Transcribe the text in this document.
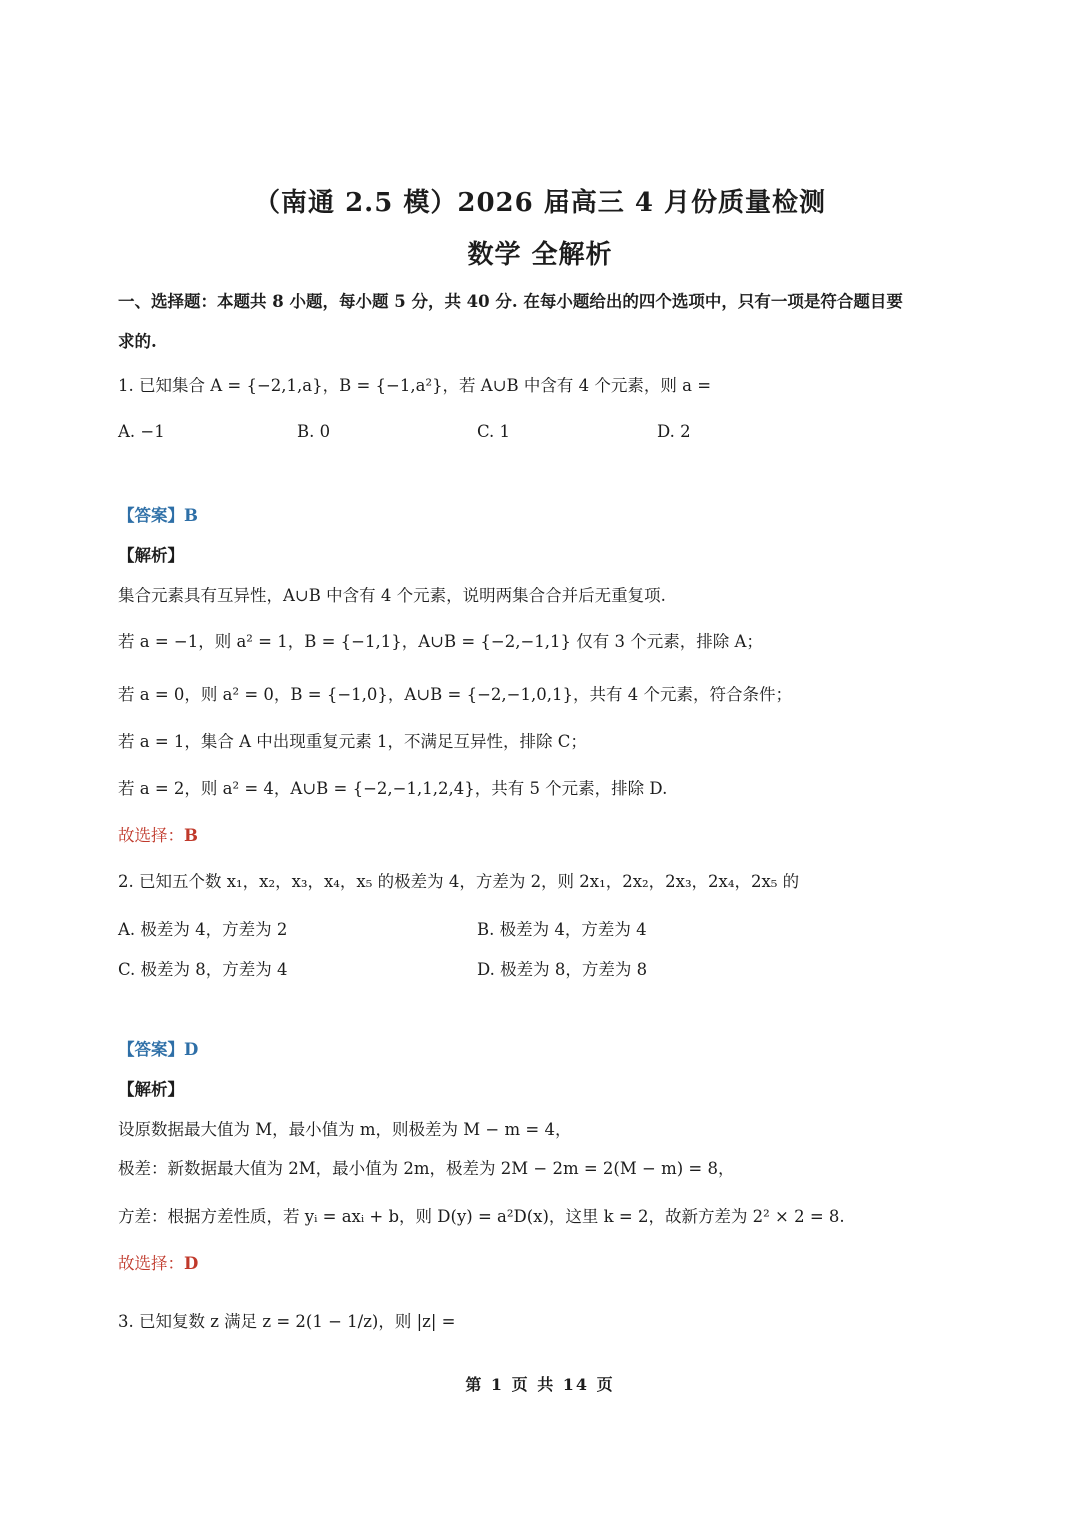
（南通 2.5 模）2026 届高三 4 月份质量检测
数学 全解析
一、选择题：本题共 8 小题，每小题 5 分，共 40 分. 在每小题给出的四个选项中，只有一项是符合题目要
求的.
1. 已知集合 A = {−2,1,a}，B = {−1,a²}，若 A∪B 中含有 4 个元素，则 a =
A. −1	B. 0	C. 1	D. 2
【答案】B
【解析】
集合元素具有互异性，A∪B 中含有 4 个元素，说明两集合合并后无重复项.
若 a = −1，则 a² = 1，B = {−1,1}，A∪B = {−2,−1,1} 仅有 3 个元素，排除 A；
若 a = 0，则 a² = 0，B = {−1,0}，A∪B = {−2,−1,0,1}，共有 4 个元素，符合条件；
若 a = 1，集合 A 中出现重复元素 1，不满足互异性，排除 C；
若 a = 2，则 a² = 4，A∪B = {−2,−1,1,2,4}，共有 5 个元素，排除 D.
故选择：B
2. 已知五个数 x₁，x₂，x₃，x₄，x₅ 的极差为 4，方差为 2，则 2x₁，2x₂，2x₃，2x₄，2x₅ 的
A. 极差为 4，方差为 2	B. 极差为 4，方差为 4
C. 极差为 8，方差为 4	D. 极差为 8，方差为 8
【答案】D
【解析】
设原数据最大值为 M，最小值为 m，则极差为 M − m = 4，
极差：新数据最大值为 2M，最小值为 2m，极差为 2M − 2m = 2(M − m) = 8，
方差：根据方差性质，若 yᵢ = axᵢ + b，则 D(y) = a²D(x)，这里 k = 2，故新方差为 2² × 2 = 8.
故选择：D
3. 已知复数 z 满足 z = 2(1 − 1/z)，则 |z| =
第 1 页 共 14 页
